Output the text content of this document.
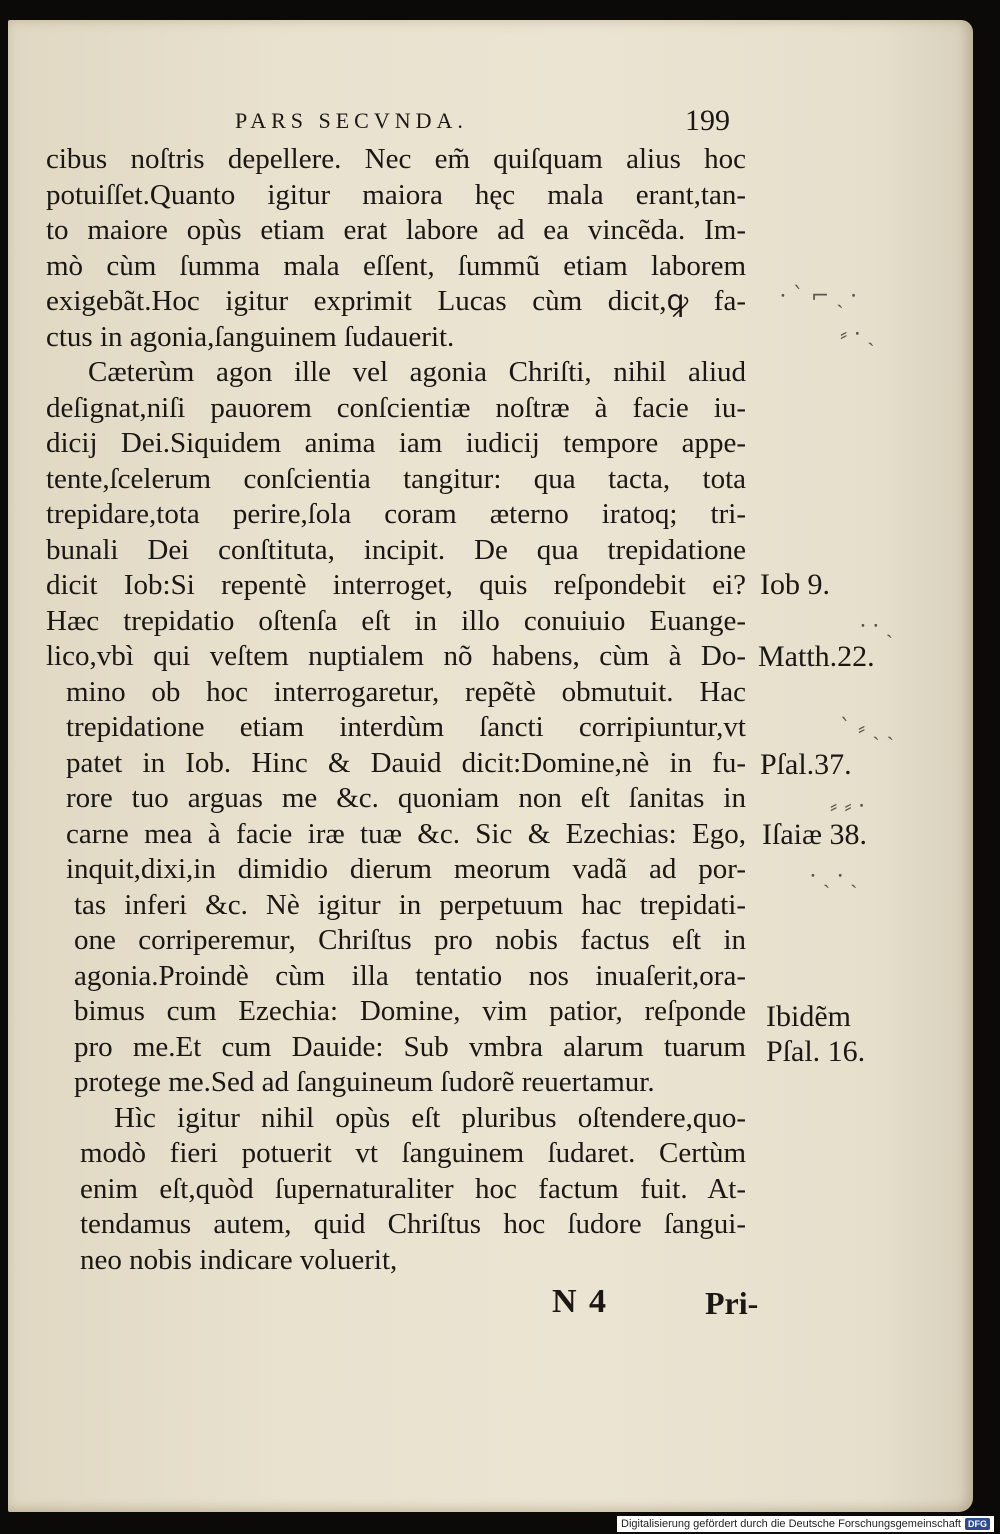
PARS SECVNDA.	199
cibus noſtris depellere. Nec em̃ quiſquam alius hoc
potuiſſet.Quanto igitur maiora hęc mala erant,tan-
to maiore opùs etiam erat labore ad ea vincẽda. Im-
mò cùm ſumma mala eſſent, ſummũ etiam laborem
exigebãt.Hoc igitur exprimit Lucas cùm dicit,ꝙ fa-
ctus in agonia,ſanguinem ſudauerit.
Cæterùm agon ille vel agonia Chriſti, nihil aliud
deſignat,niſi pauorem conſcientiæ noſtræ à facie iu-
dicij Dei.Siquidem anima iam iudicij tempore appe-
tente,ſcelerum conſcientia tangitur: qua tacta, tota
trepidare,tota perire,ſola coram æterno iratoq; tri-
bunali Dei conſtituta, incipit. De qua trepidatione
dicit Iob:Si repentè interroget, quis reſpondebit ei?
Hæc trepidatio oſtenſa eſt in illo conuiuio Euange-
lico,vbì qui veſtem nuptialem nõ habens, cùm à Do-
mino ob hoc interrogaretur, repẽtè obmutuit. Hac
trepidatione etiam interdùm ſancti corripiuntur,vt
patet in Iob. Hinc & Dauid dicit:Domine,nè in fu-
rore tuo arguas me &c. quoniam non eſt ſanitas in
carne mea à facie iræ tuæ &c. Sic & Ezechias: Ego,
inquit,dixi,in dimidio dierum meorum vadã ad por-
tas inferi &c. Nè igitur in perpetuum hac trepidati-
one corriperemur, Chriſtus pro nobis factus eſt in
agonia.Proindè cùm illa tentatio nos inuaſerit,ora-
bimus cum Ezechia: Domine, vim patior, reſponde
pro me.Et cum Dauide: Sub vmbra alarum tuarum
protege me.Sed ad ſanguineum ſudorẽ reuertamur.
Hìc igitur nihil opùs eſt pluribus oſtendere,quo-
modò fieri potuerit vt ſanguinem ſudaret. Certùm
enim eſt,quòd ſupernaturaliter hoc factum fuit. At-
tendamus autem, quid Chriſtus hoc ſudore ſangui-
neo nobis indicare voluerit,
Iob 9.
Matth.22.
Pſal.37.
Iſaiæ 38.
Ibidẽm
Pſal. 16.
⸱ ˋ ⌐ ˎ ⸱
⸗ ⸱ ˎ
⸱ ⸱ ˎ
ˋ ⸗ ˎ ˎ
⸗ ⸗ ⸱
⸱ ˎ ⸱ ˎ
N 4	Pri-
Digitalisierung gefördert durch die Deutsche Forschungsgemeinschaft DFG
